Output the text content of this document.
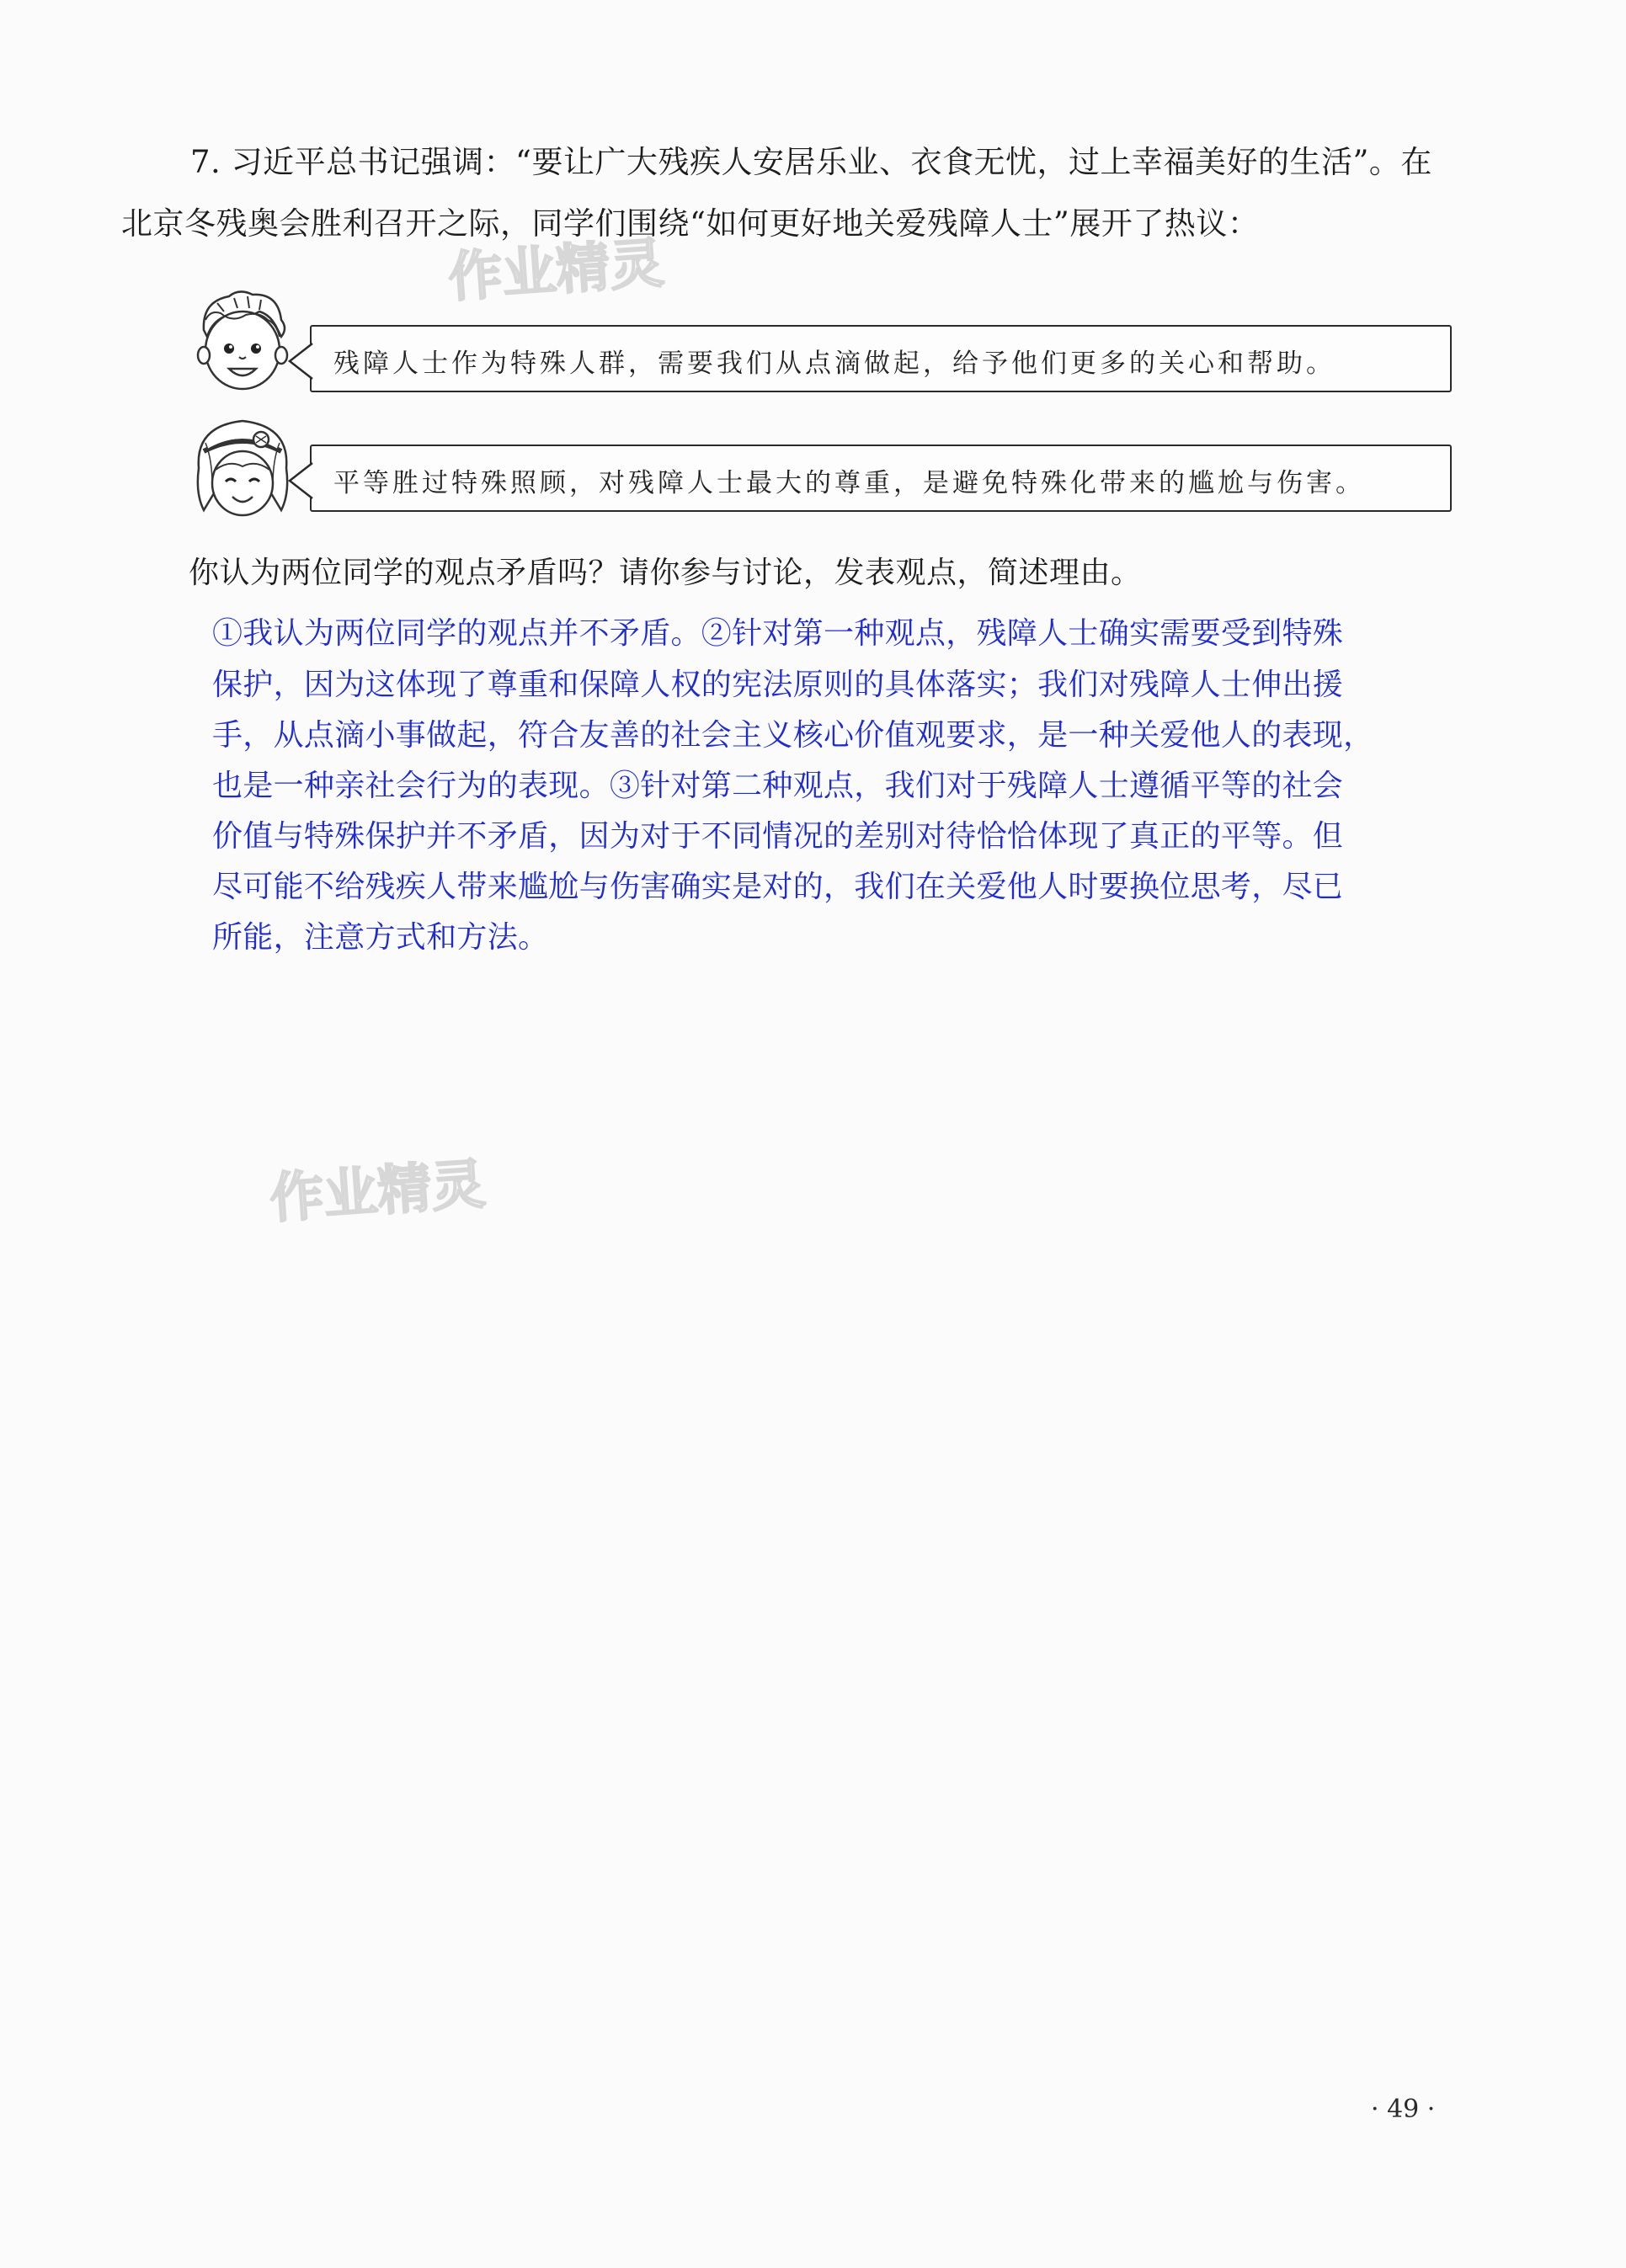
7. 习近平总书记强调：“要让广大残疾人安居乐业、衣食无忧，过上幸福美好的生活”。在
北京冬残奥会胜利召开之际，同学们围绕“如何更好地关爱残障人士”展开了热议：
作业精灵
残障人士作为特殊人群，需要我们从点滴做起，给予他们更多的关心和帮助。
平等胜过特殊照顾，对残障人士最大的尊重，是避免特殊化带来的尴尬与伤害。
你认为两位同学的观点矛盾吗？请你参与讨论，发表观点，简述理由。
①我认为两位同学的观点并不矛盾。②针对第一种观点，残障人士确实需要受到特殊
保护，因为这体现了尊重和保障人权的宪法原则的具体落实；我们对残障人士伸出援
手，从点滴小事做起，符合友善的社会主义核心价值观要求，是一种关爱他人的表现，
也是一种亲社会行为的表现。③针对第二种观点，我们对于残障人士遵循平等的社会
价值与特殊保护并不矛盾，因为对于不同情况的差别对待恰恰体现了真正的平等。但
尽可能不给残疾人带来尴尬与伤害确实是对的，我们在关爱他人时要换位思考，尽已
所能，注意方式和方法。
作业精灵
· 49 ·
